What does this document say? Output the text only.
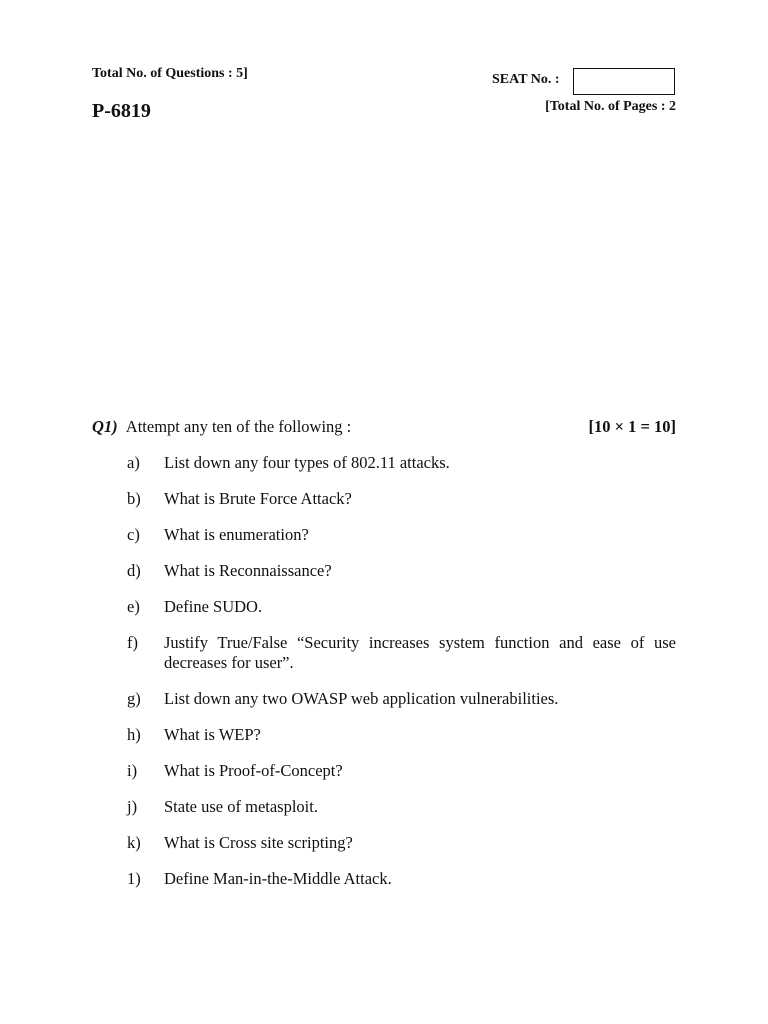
Total No. of Questions : 5]
P-6819
SEAT No. :
[Total No. of Pages : 2
Q1) Attempt any ten of the following :	[10 × 1 = 10]
a)	List down any four types of 802.11 attacks.
b)	What is Brute Force Attack?
c)	What is enumeration?
d)	What is Reconnaissance?
e)	Define SUDO.
f)	Justify True/False “Security increases system function and ease of use decreases for user”.
g)	List down any two OWASP web application vulnerabilities.
h)	What is WEP?
i)	What is Proof-of-Concept?
j)	State use of metasploit.
k)	What is Cross site scripting?
1)	Define Man-in-the-Middle Attack.
